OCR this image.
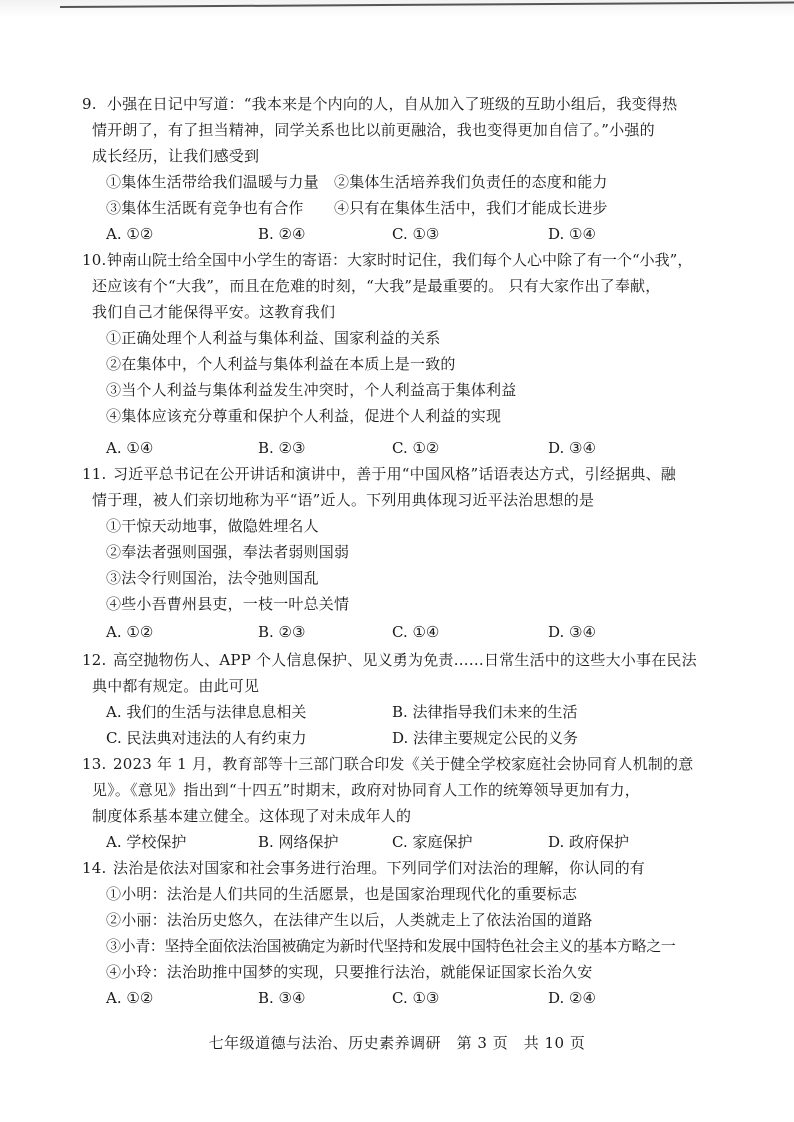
9. 小强在日记中写道：“我本来是个内向的人，自从加入了班级的互助小组后，我变得热
情开朗了，有了担当精神，同学关系也比以前更融洽，我也变得更加自信了。”小强的
成长经历，让我们感受到
①集体生活带给我们温暖与力量　②集体生活培养我们负责任的态度和能力
③集体生活既有竞争也有合作　　④只有在集体生活中，我们才能成长进步
A. ①②	B. ②④	C. ①③	D. ①④
10. 钟南山院士给全国中小学生的寄语：大家时时记住，我们每个人心中除了有一个“小我”，
还应该有个“大我”，而且在危难的时刻，“大我”是最重要的。 只有大家作出了奉献，
我们自己才能保得平安。这教育我们
①正确处理个人利益与集体利益、国家利益的关系
②在集体中，个人利益与集体利益在本质上是一致的
③当个人利益与集体利益发生冲突时，个人利益高于集体利益
④集体应该充分尊重和保护个人利益，促进个人利益的实现
A. ①④	B. ②③	C. ①②	D. ③④
11. 习近平总书记在公开讲话和演讲中，善于用“中国风格”话语表达方式，引经据典、融
情于理，被人们亲切地称为平“语”近人。下列用典体现习近平法治思想的是
①干惊天动地事，做隐姓埋名人
②奉法者强则国强，奉法者弱则国弱
③法令行则国治，法令弛则国乱
④些小吾曹州县吏，一枝一叶总关情
A. ①②	B. ②③	C. ①④	D. ③④
12. 高空抛物伤人、APP 个人信息保护、见义勇为免责……日常生活中的这些大小事在民法
典中都有规定。由此可见
A. 我们的生活与法律息息相关	B. 法律指导我们未来的生活
C. 民法典对违法的人有约束力	D. 法律主要规定公民的义务
13. 2023 年 1 月，教育部等十三部门联合印发《关于健全学校家庭社会协同育人机制的意
见》。《意见》指出到“十四五”时期末，政府对协同育人工作的统筹领导更加有力，
制度体系基本建立健全。这体现了对未成年人的
A. 学校保护	B. 网络保护	C. 家庭保护	D. 政府保护
14. 法治是依法对国家和社会事务进行治理。下列同学们对法治的理解，你认同的有
①小明：法治是人们共同的生活愿景，也是国家治理现代化的重要标志
②小丽：法治历史悠久，在法律产生以后，人类就走上了依法治国的道路
③小青：坚持全面依法治国被确定为新时代坚持和发展中国特色社会主义的基本方略之一
④小玲：法治助推中国梦的实现，只要推行法治，就能保证国家长治久安
A. ①②	B. ③④	C. ①③	D. ②④
七年级道德与法治、历史素养调研　第 3 页　共 10 页
